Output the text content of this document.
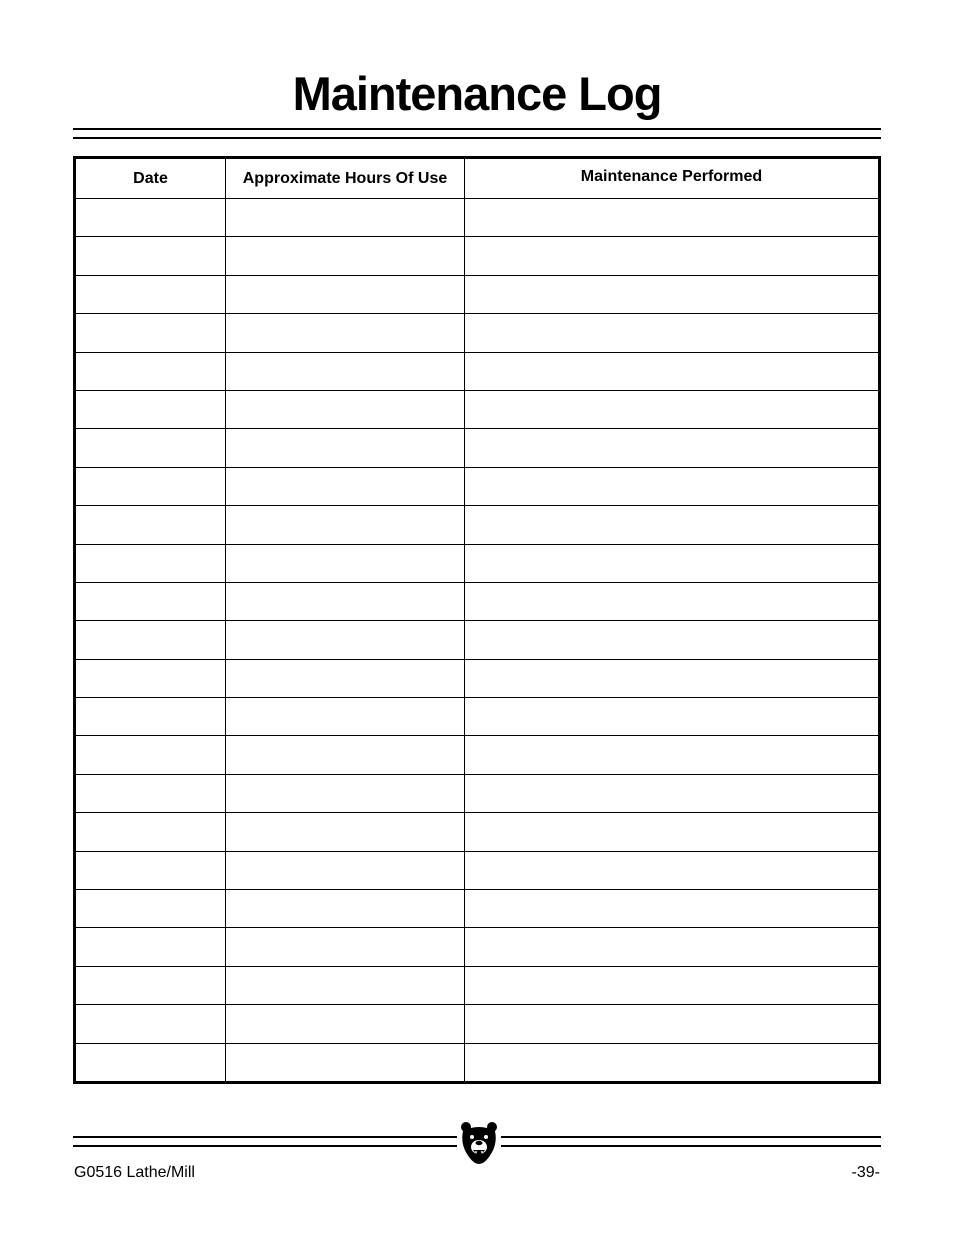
Maintenance Log
Date	Approximate Hours Of Use	Maintenance Performed

G0516 Lathe/Mill	-39-
